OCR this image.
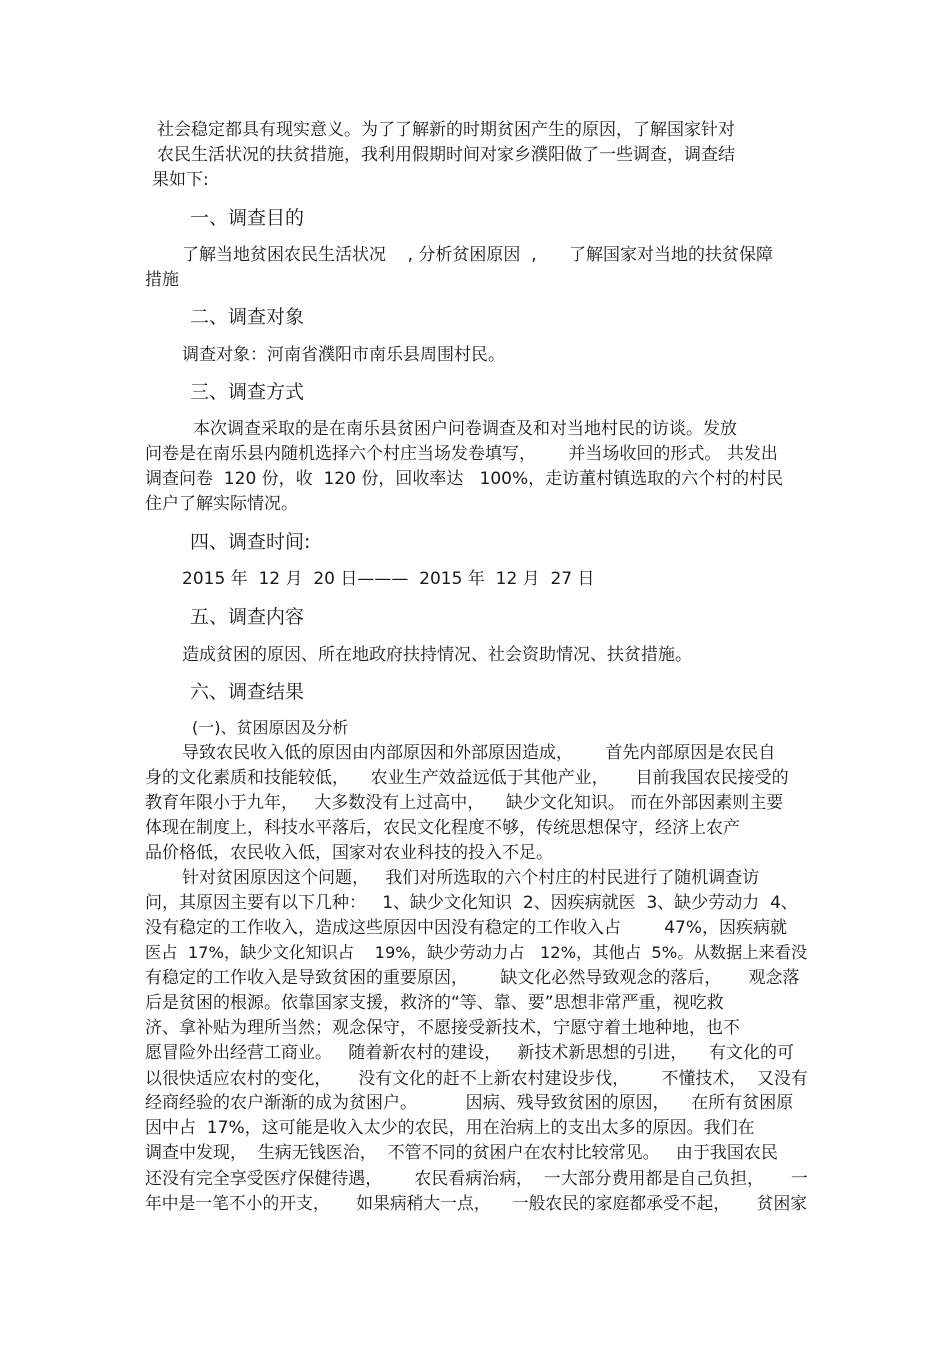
社会稳定都具有现实意义。为了了解新的时期贫困产生的原因，了解国家针对

农民生活状况的扶贫措施，我利用假期时间对家乡濮阳做了一些调查，调查结

果如下:

一、调查目的

了解当地贫困农民生活状况    , 分析贫困原因  ,      了解国家对当地的扶贫保障

措施

二、调查对象

调查对象：河南省濮阳市南乐县周围村民。

三、调查方式

本次调查采取的是在南乐县贫困户问卷调查及和对当地村民的访谈。发放

问卷是在南乐县内随机选择六个村庄当场发卷填写，      并当场收回的形式。 共发出

调查问卷  120 份，收  120 份，回收率达   100%，走访董村镇选取的六个村的村民

住户了解实际情况。

四、调查时间:

2015 年  12 月  20 日———  2015 年  12 月  27 日

五、调查内容

造成贫困的原因、所在地政府扶持情况、社会资助情况、扶贫措施。

六、调查结果

(一)、贫困原因及分析

导致农民收入低的原因由内部原因和外部原因造成，      首先内部原因是农民自

身的文化素质和技能较低，    农业生产效益远低于其他产业，     目前我国农民接受的

教育年限小于九年，   大多数没有上过高中，    缺少文化知识。 而在外部因素则主要

体现在制度上，科技水平落后，农民文化程度不够，传统思想保守，经济上农产

品价格低，农民收入低，国家对农业科技的投入不足。

针对贫困原因这个问题，   我们对所选取的六个村庄的村民进行了随机调查访

问，其原因主要有以下几种：   1、缺少文化知识  2、因疾病就医  3、缺少劳动力  4、

没有稳定的工作收入，造成这些原因中因没有稳定的工作收入占        47%，因疾病就

医占  17%，缺少文化知识占    19%，缺少劳动力占   12%，其他占  5%。从数据上来看没

有稳定的工作收入是导致贫困的重要原因，      缺文化必然导致观念的落后，     观念落

后是贫困的根源。依靠国家支援，救济的“等、靠、要”思想非常严重，视吃救

济、拿补贴为理所当然；观念保守，不愿接受新技术，宁愿守着土地种地，也不

愿冒险外出经营工商业。   随着新农村的建设，   新技术新思想的引进，    有文化的可

以很快适应农村的变化，     没有文化的赶不上新农村建设步伐，      不懂技术，  又没有

经商经验的农户渐渐的成为贫困户。         因病、残导致贫困的原因，    在所有贫困原

因中占  17%，这可能是收入太少的农民，用在治病上的支出太多的原因。我们在

调查中发现，  生病无钱医治，  不管不同的贫困户在农村比较常见。   由于我国农民

还没有完全享受医疗保健待遇，      农民看病治病，  一大部分费用都是自己负担，     一

年中是一笔不小的开支，     如果病稍大一点，    一般农民的家庭都承受不起，     贫困家
